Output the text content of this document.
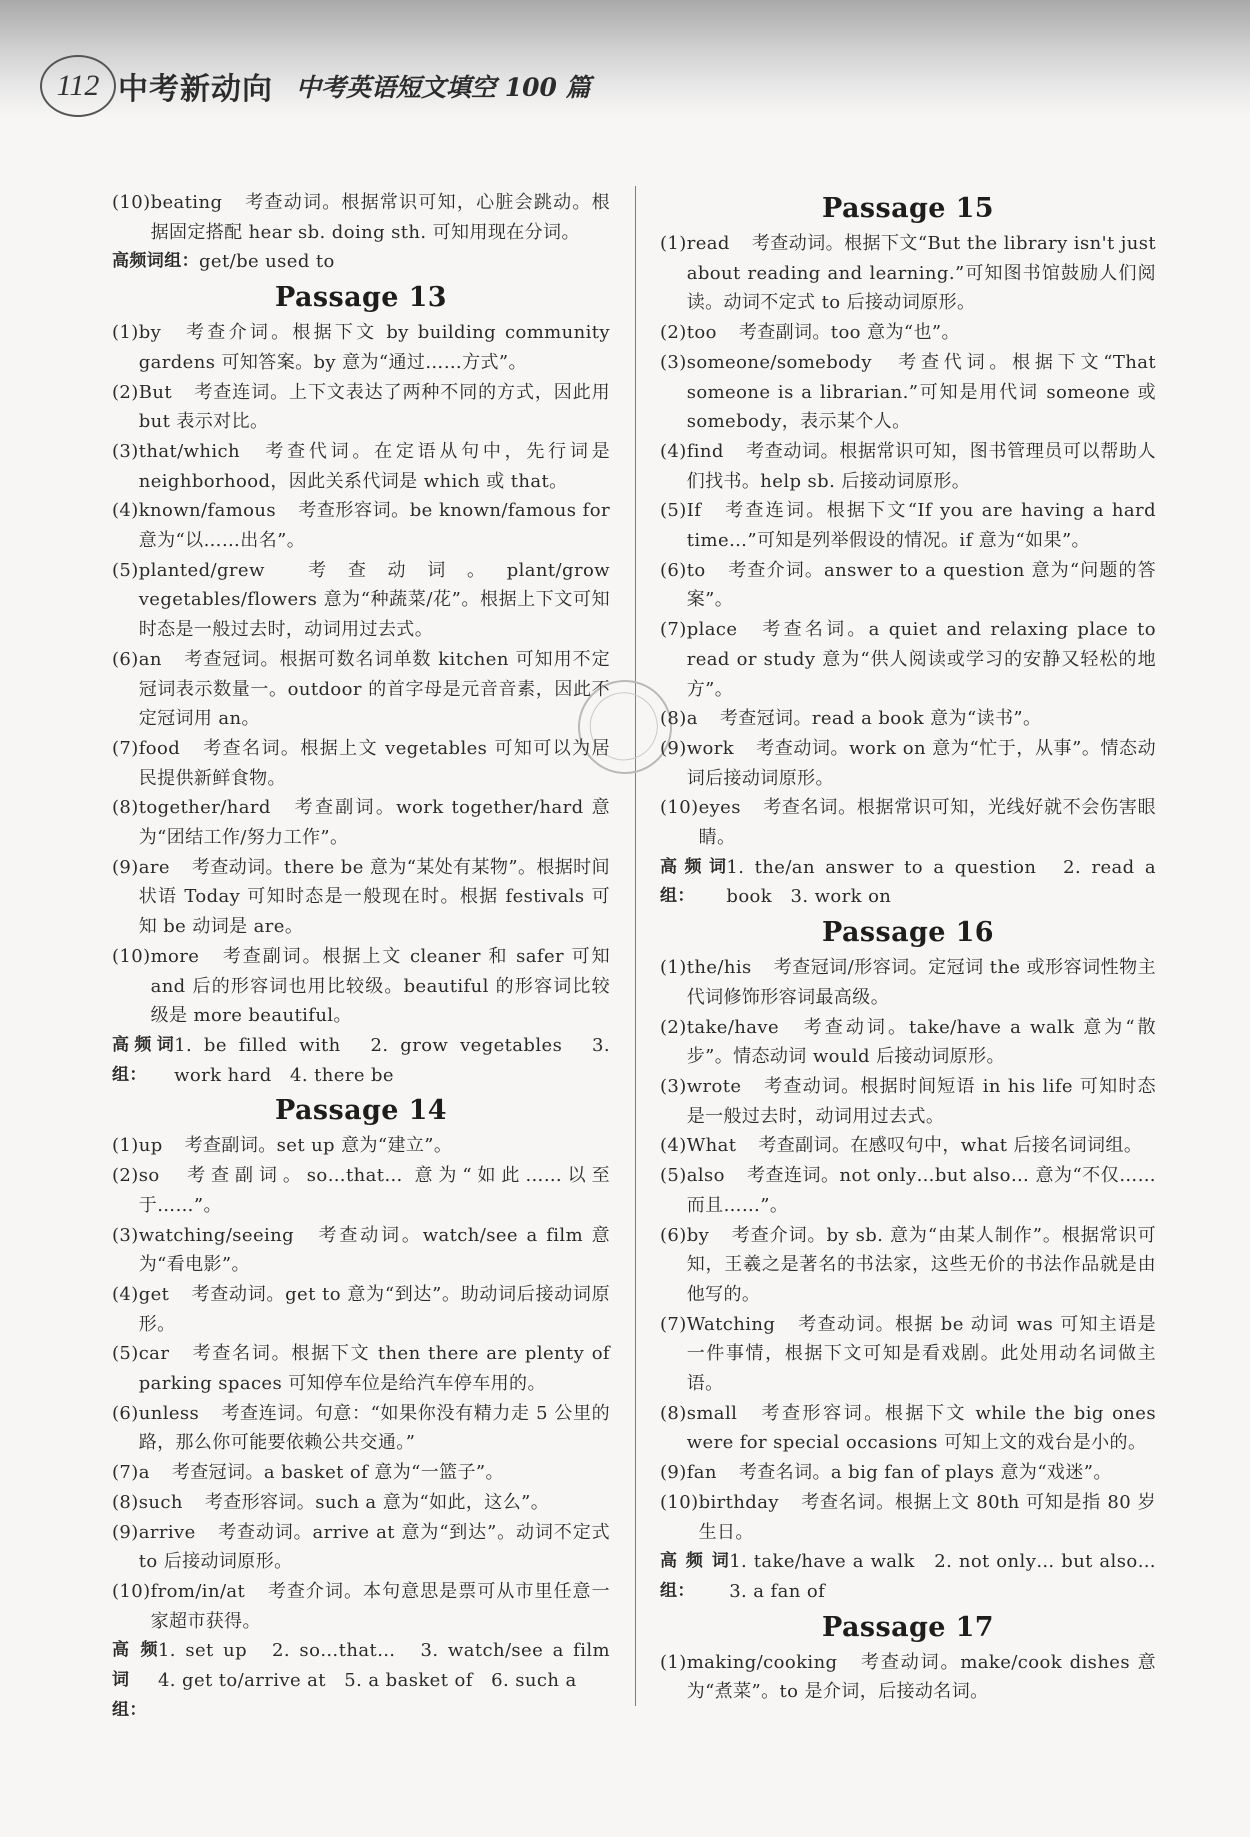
112 中考新动向 中考英语短文填空 100 篇
(10) beating 考查动词。根据常识可知，心脏会跳动。根据固定搭配 hear sb. doing sth. 可知用现在分词。
高频词组： get/be used to
Passage 13
(1) by 考查介词。根据下文 by building community gardens 可知答案。by 意为“通过……方式”。
(2) But 考查连词。上下文表达了两种不同的方式，因此用 but 表示对比。
(3) that/which 考查代词。在定语从句中，先行词是 neighborhood，因此关系代词是 which 或 that。
(4) known/famous 考查形容词。be known/famous for 意为“以……出名”。
(5) planted/grew 考查动词。plant/grow vegetables/flowers 意为“种蔬菜/花”。根据上下文可知时态是一般过去时，动词用过去式。
(6) an 考查冠词。根据可数名词单数 kitchen 可知用不定冠词表示数量一。outdoor 的首字母是元音音素，因此不定冠词用 an。
(7) food 考查名词。根据上文 vegetables 可知可以为居民提供新鲜食物。
(8) together/hard 考查副词。work together/hard 意为“团结工作/努力工作”。
(9) are 考查动词。there be 意为“某处有某物”。根据时间状语 Today 可知时态是一般现在时。根据 festivals 可知 be 动词是 are。
(10) more 考查副词。根据上文 cleaner 和 safer 可知 and 后的形容词也用比较级。beautiful 的形容词比较级是 more beautiful。
高频词组：
1. be filled with　2. grow vegetables　3. work hard　4. there be
Passage 14
(1) up 考查副词。set up 意为“建立”。
(2) so 考查副词。so…that… 意为“如此……以至于……”。
(3) watching/seeing 考查动词。watch/see a film 意为“看电影”。
(4) get 考查动词。get to 意为“到达”。助动词后接动词原形。
(5) car 考查名词。根据下文 then there are plenty of parking spaces 可知停车位是给汽车停车用的。
(6) unless 考查连词。句意：“如果你没有精力走 5 公里的路，那么你可能要依赖公共交通。”
(7) a 考查冠词。a basket of 意为“一篮子”。
(8) such 考查形容词。such a 意为“如此，这么”。
(9) arrive 考查动词。arrive at 意为“到达”。动词不定式 to 后接动词原形。
(10) from/in/at 考查介词。本句意思是票可从市里任意一家超市获得。
高频词组：
1. set up　2. so…that…　3. watch/see a film　4. get to/arrive at　5. a basket of　6. such a
Passage 15
(1) read 考查动词。根据下文“But the library isn't just about reading and learning.”可知图书馆鼓励人们阅读。动词不定式 to 后接动词原形。
(2) too 考查副词。too 意为“也”。
(3) someone/somebody 考查代词。根据下文“That someone is a librarian.”可知是用代词 someone 或 somebody，表示某个人。
(4) find 考查动词。根据常识可知，图书管理员可以帮助人们找书。help sb. 后接动词原形。
(5) If 考查连词。根据下文“If you are having a hard time…”可知是列举假设的情况。if 意为“如果”。
(6) to 考查介词。answer to a question 意为“问题的答案”。
(7) place 考查名词。a quiet and relaxing place to read or study 意为“供人阅读或学习的安静又轻松的地方”。
(8) a 考查冠词。read a book 意为“读书”。
(9) work 考查动词。work on 意为“忙于，从事”。情态动词后接动词原形。
(10) eyes 考查名词。根据常识可知，光线好就不会伤害眼睛。
高频词组：
1. the/an answer to a question　2. read a book　3. work on
Passage 16
(1) the/his 考查冠词/形容词。定冠词 the 或形容词性物主代词修饰形容词最高级。
(2) take/have 考查动词。take/have a walk 意为“散步”。情态动词 would 后接动词原形。
(3) wrote 考查动词。根据时间短语 in his life 可知时态是一般过去时，动词用过去式。
(4) What 考查副词。在感叹句中，what 后接名词词组。
(5) also 考查连词。not only…but also… 意为“不仅……而且……”。
(6) by 考查介词。by sb. 意为“由某人制作”。根据常识可知，王羲之是著名的书法家，这些无价的书法作品就是由他写的。
(7) Watching 考查动词。根据 be 动词 was 可知主语是一件事情，根据下文可知是看戏剧。此处用动名词做主语。
(8) small 考查形容词。根据下文 while the big ones were for special occasions 可知上文的戏台是小的。
(9) fan 考查名词。a big fan of plays 意为“戏迷”。
(10) birthday 考查名词。根据上文 80th 可知是指 80 岁生日。
高频词组：
1. take/have a walk　2. not only… but also…　3. a fan of
Passage 17
(1) making/cooking 考查动词。make/cook dishes 意为“煮菜”。to 是介词，后接动名词。
